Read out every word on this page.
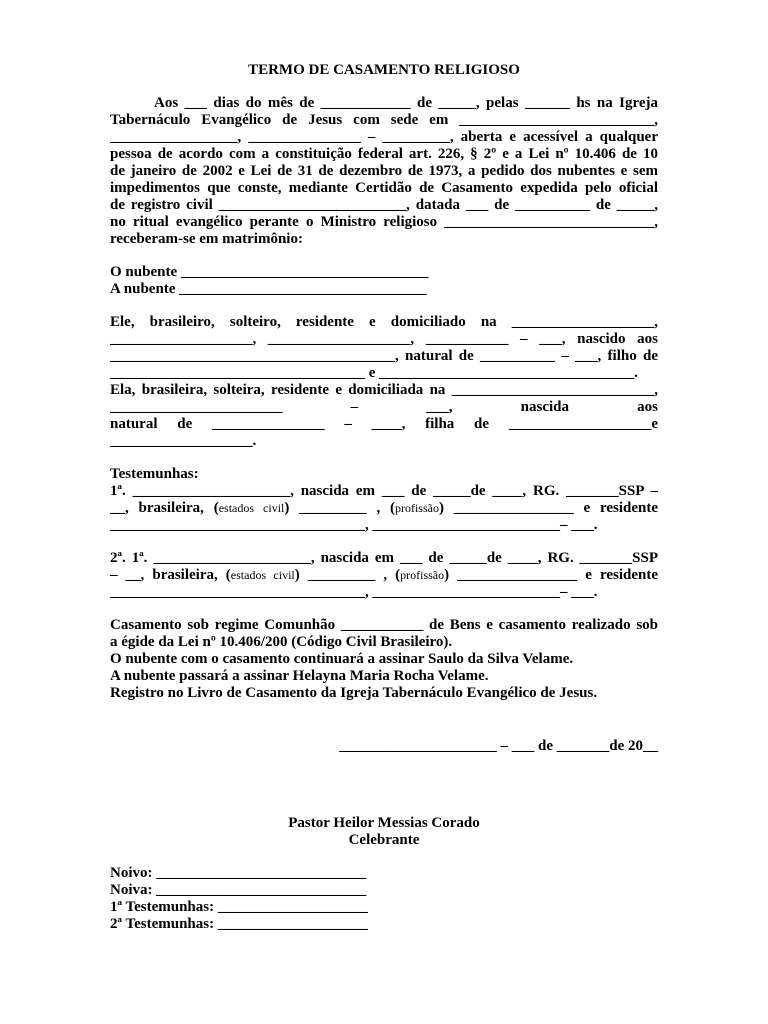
TERMO DE CASAMENTO RELIGIOSO
Aos ___ dias do mês de ____________ de _____, pelas ______ hs na Igreja
Tabernáculo Evangélico de Jesus com sede em __________________________,
_________________, _______________ – _________, aberta e acessível a qualquer
pessoa de acordo com a constituição federal art. 226, § 2º e a Lei nº 10.406 de 10
de janeiro de 2002 e Lei de 31 de dezembro de 1973, a pedido dos nubentes e sem
impedimentos que conste, mediante Certidão de Casamento expedida pelo oficial
de registro civil _________________________, datada ___ de __________ de _____,
no ritual evangélico perante o Ministro religioso ____________________________,
receberam-se em matrimônio:
O nubente _________________________________
A nubente _________________________________
Ele, brasileiro, solteiro, residente e domiciliado na ___________________,
___________________, ___________________, ___________ – ___, nascido aos
______________________________________, natural de __________ – ___, filho de
__________________________________ e __________________________________.
Ela, brasileira, solteira, residente e domiciliada na ___________________________,
_______________________ – ___, nascida aos
natural de _______________ – ____, filha de ___________________e
___________________.
Testemunhas:
1ª. _____________________, nascida em ___ de _____de ____, RG. _______SSP –
__, brasileira, (estados civil) _________ , (profissão) ________________ e residente
__________________________________, _________________________– ___.
2ª. 1ª. _____________________, nascida em ___ de _____de ____, RG. _______SSP
– __, brasileira, (estados civil) _________ , (profissão) ________________ e residente
__________________________________, _________________________– ___.
Casamento sob regime Comunhão ___________ de Bens e casamento realizado sob
a égide da Lei nº 10.406/200 (Código Civil Brasileiro).
O nubente com o casamento continuará a assinar Saulo da Silva Velame.
A nubente passará a assinar Helayna Maria Rocha Velame.
Registro no Livro de Casamento da Igreja Tabernáculo Evangélico de Jesus.
_____________________ – ___ de _______de 20__
Pastor Heilor Messias Corado
Celebrante
Noivo: ____________________________
Noiva: ____________________________
1ª Testemunhas: ____________________
2ª Testemunhas: ____________________
